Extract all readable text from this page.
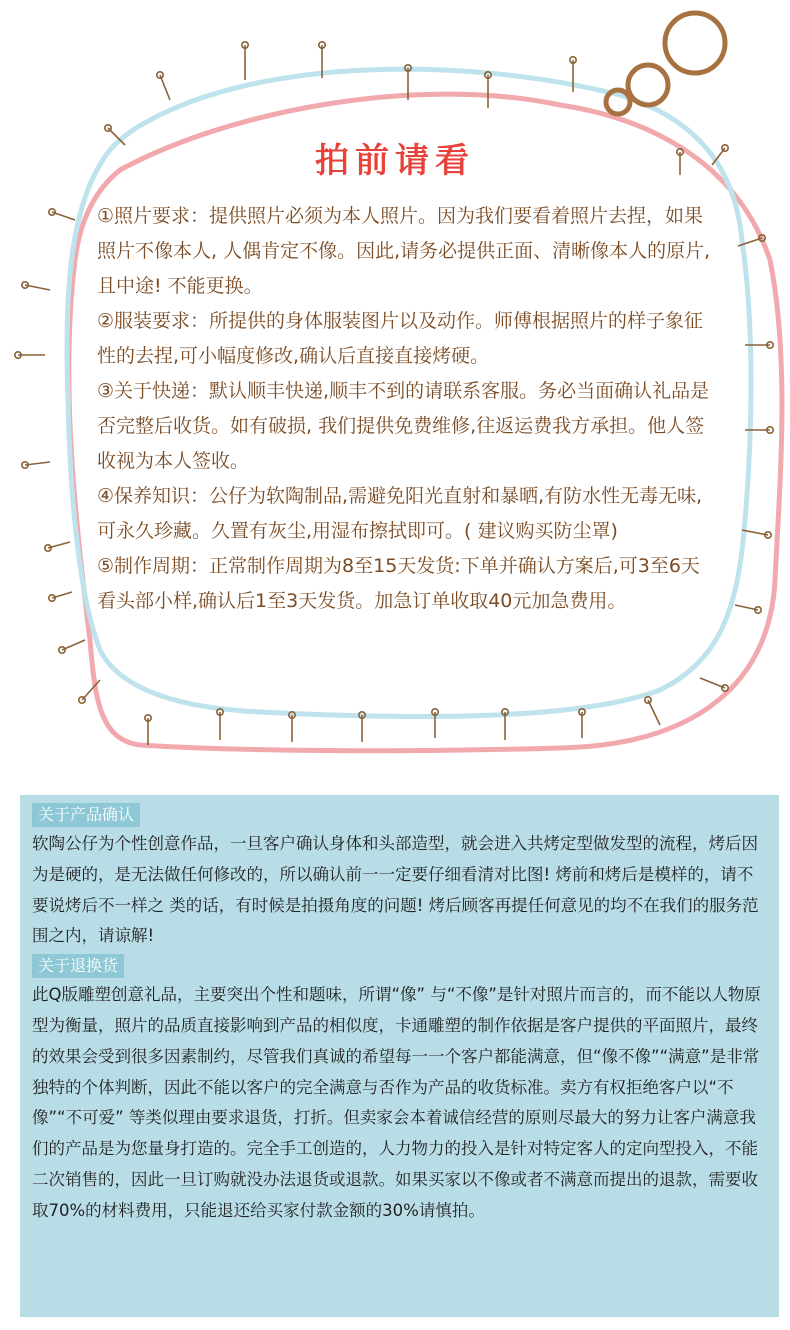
拍前请看

①照片要求：提供照片必须为本人照片。因为我们要看着照片去捏，如果照片不像本人, 人偶肯定不像。因此,请务必提供正面、清晰像本人的原片,且中途! 不能更换。

②服装要求：所提供的身体服装图片以及动作。师傅根据照片的样子象征性的去捏,可小幅度修改,确认后直接直接烤硬。

③关于快递：默认顺丰快递,顺丰不到的请联系客服。务必当面确认礼品是否完整后收货。如有破损, 我们提供免费维修,往返运费我方承担。他人签收视为本人签收。

④保养知识：公仔为软陶制品,需避免阳光直射和暴晒,有防水性无毒无味,可永久珍藏。久置有灰尘,用湿布擦拭即可。( 建议购买防尘罩)

⑤制作周期：正常制作周期为8至15天发货:下单并确认方案后,可3至6天看头部小样,确认后1至3天发货。加急订单收取40元加急费用。

关于产品确认

软陶公仔为个性创意作品，一旦客户确认身体和头部造型，就会进入共烤定型做发型的流程，烤后因为是硬的，是无法做任何修改的，所以确认前一一定要仔细看清对比图! 烤前和烤后是模样的，请不要说烤后不一样之 类的话，有时候是拍摄角度的问题! 烤后顾客再提任何意见的均不在我们的服务范围之内，请谅解!

关于退换货

此Q版雕塑创意礼品，主要突出个性和题味，所谓“像” 与“不像”是针对照片而言的，而不能以人物原型为衡量，照片的品质直接影响到产品的相似度，卡通雕塑的制作依据是客户提供的平面照片，最终的效果会受到很多因素制约，尽管我们真诚的希望每一一个客户都能满意，但“像不像”“满意”是非常独特的个体判断，因此不能以客户的完全满意与否作为产品的收货标准。卖方有权拒绝客户以“不像”“不可爱” 等类似理由要求退货，打折。但卖家会本着诚信经营的原则尽最大的努力让客户满意我们的产品是为您量身打造的。完全手工创造的，人力物力的投入是针对特定客人的定向型投入，不能二次销售的，因此一旦订购就没办法退货或退款。如果买家以不像或者不满意而提出的退款，需要收取70%的材料费用，只能退还给买家付款金额的30%请慎拍。
